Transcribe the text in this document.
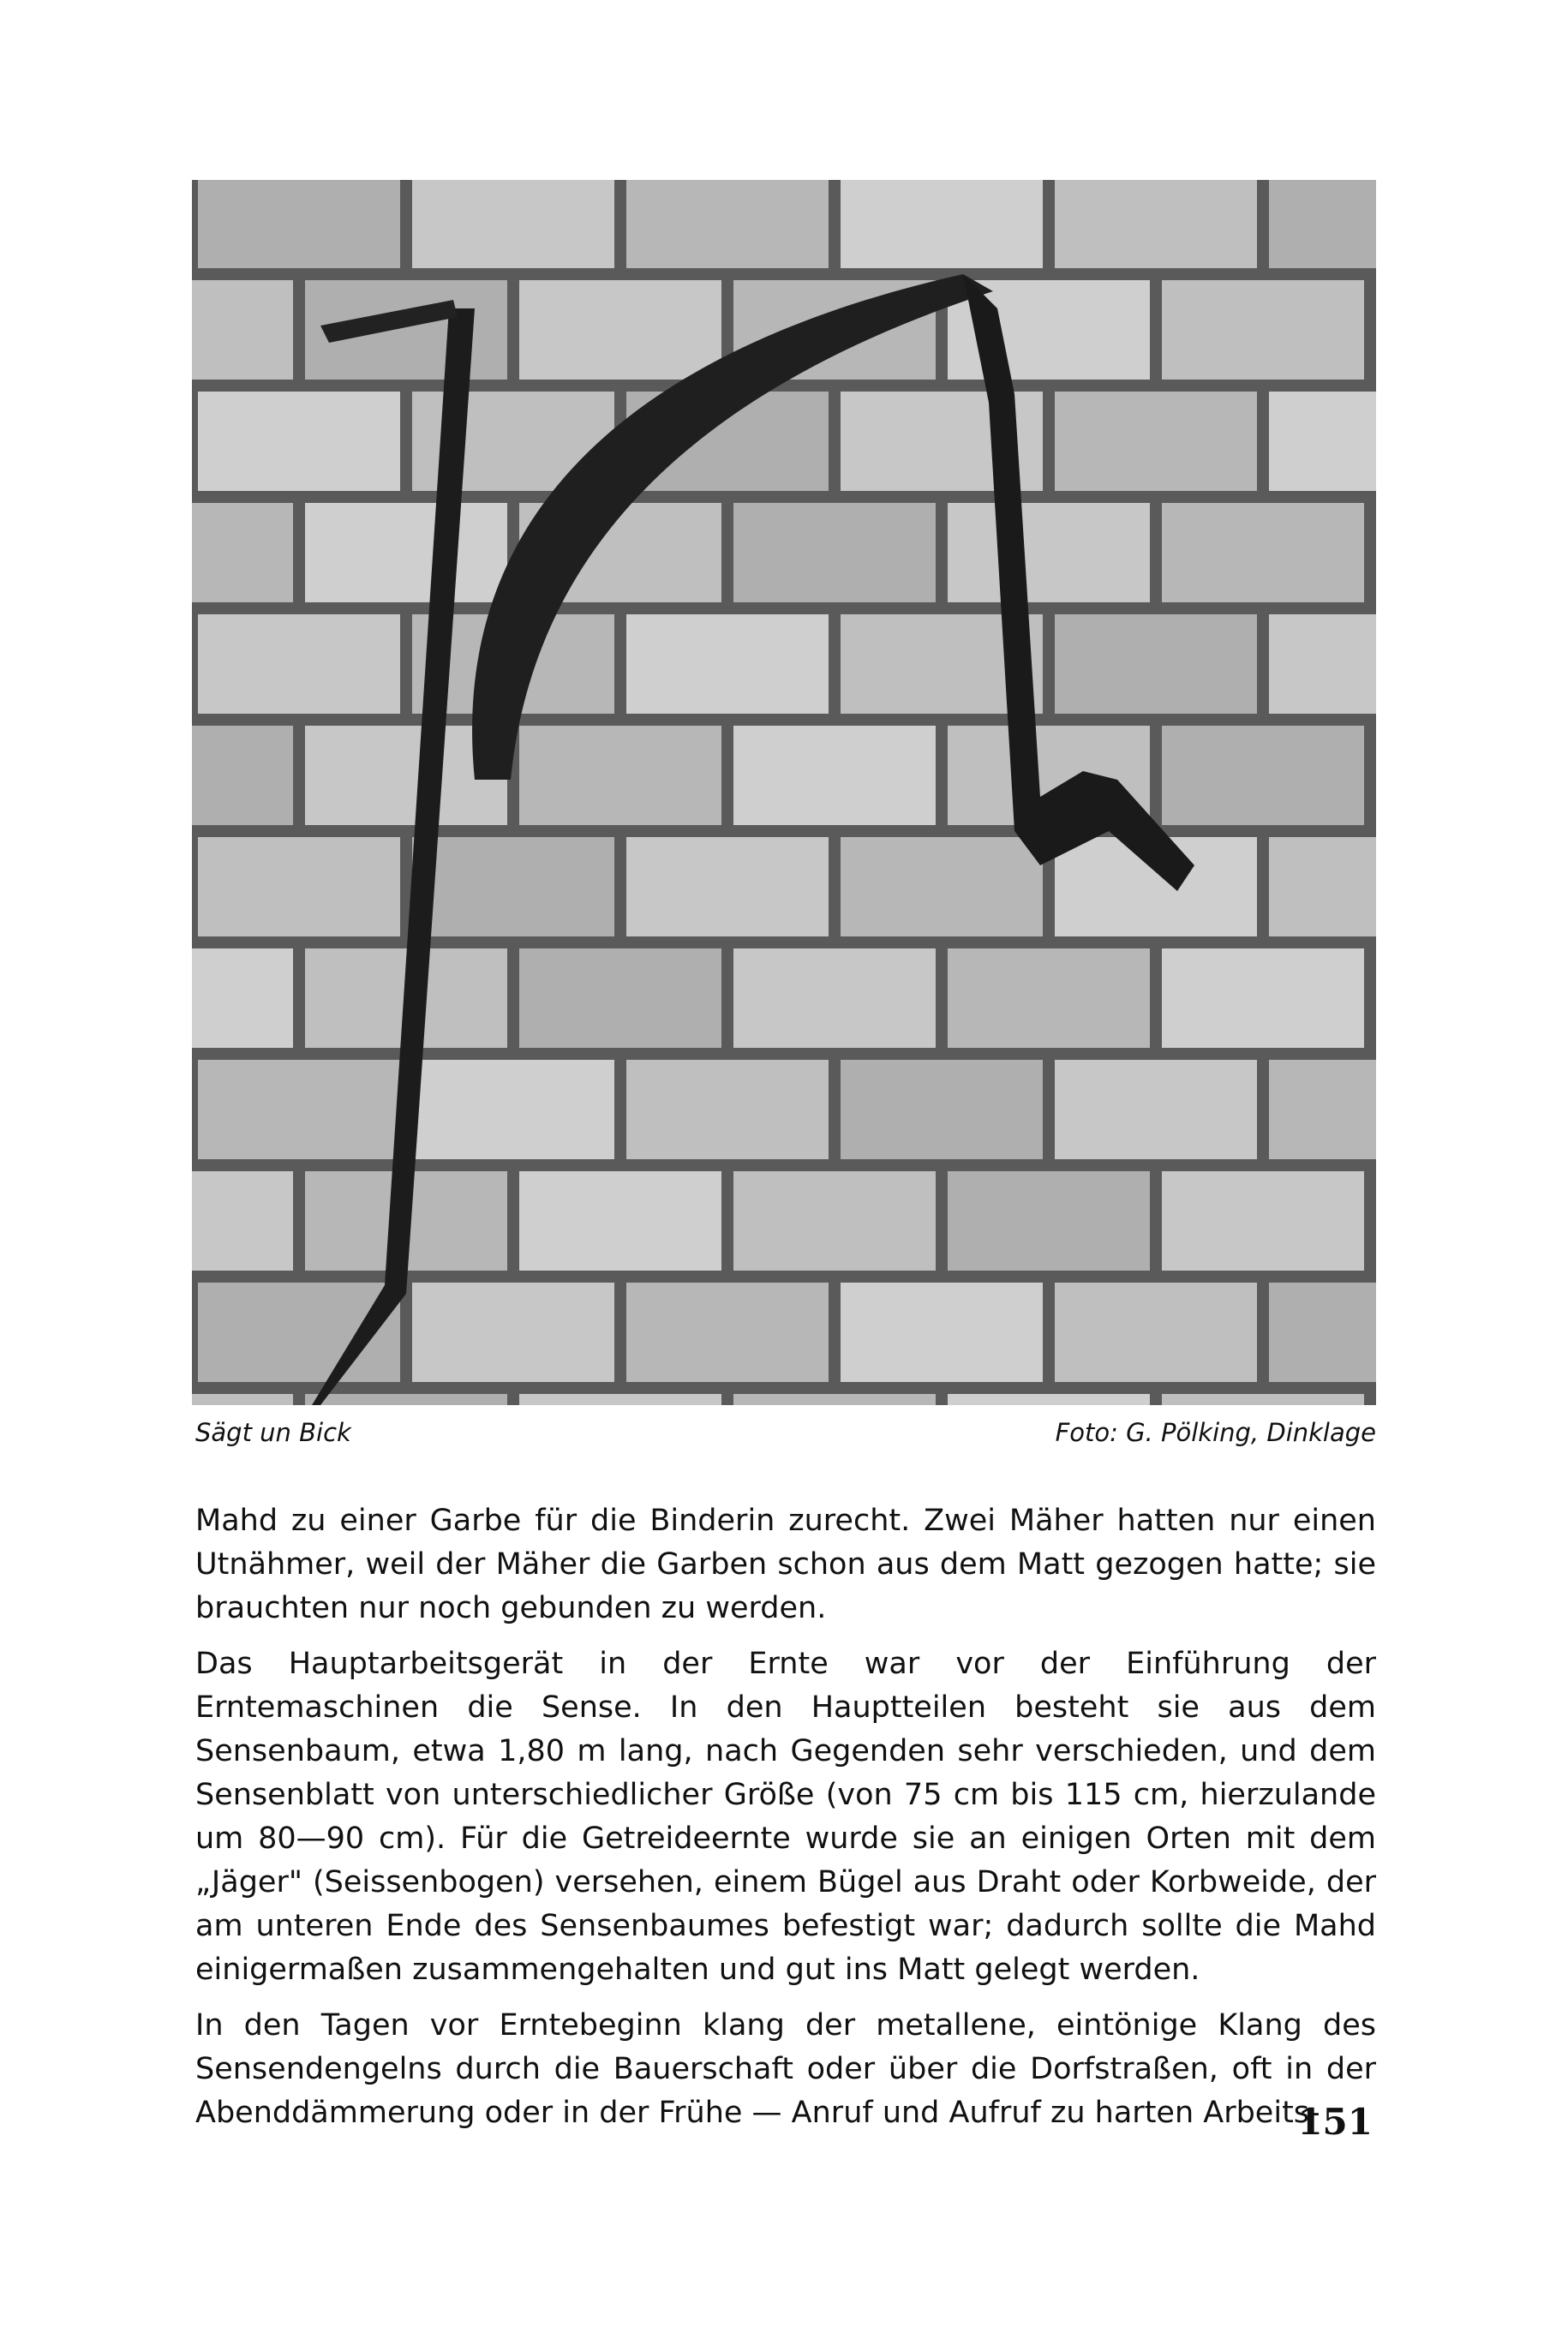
Sägt un Bick	Foto: G. Pölking, Dinklage

Mahd zu einer Garbe für die Binderin zurecht. Zwei Mäher hatten nur einen Utnähmer, weil der Mäher die Garben schon aus dem Matt gezogen hatte; sie brauchten nur noch gebunden zu werden.

Das Hauptarbeitsgerät in der Ernte war vor der Einführung der Erntemaschinen die Sense. In den Hauptteilen besteht sie aus dem Sensenbaum, etwa 1,80 m lang, nach Gegenden sehr verschieden, und dem Sensenblatt von unterschiedlicher Größe (von 75 cm bis 115 cm, hierzulande um 80—90 cm). Für die Getreideernte wurde sie an einigen Orten mit dem „Jäger" (Seissenbogen) versehen, einem Bügel aus Draht oder Korbweide, der am unteren Ende des Sensenbaumes befestigt war; dadurch sollte die Mahd einigermaßen zusammengehalten und gut ins Matt gelegt werden.

In den Tagen vor Erntebeginn klang der metallene, eintönige Klang des Sensendengelns durch die Bauerschaft oder über die Dorfstraßen, oft in der Abenddämmerung oder in der Frühe — Anruf und Aufruf zu harten Arbeits-

151
